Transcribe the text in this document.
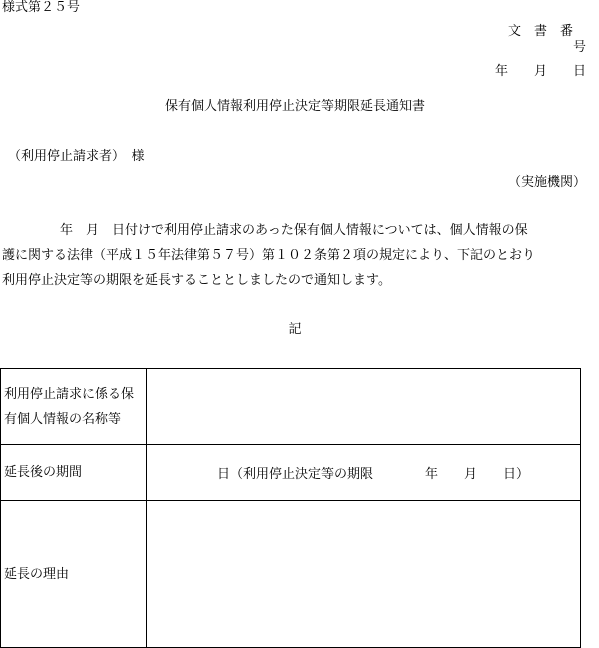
様式第２５号
文書番号
年　　月　　日
保有個人情報利用停止決定等期限延長通知書
（利用停止請求者）　様
（実施機関）

年　月　日付けで利用停止請求のあった保有個人情報については、個人情報の保

護に関する法律（平成１５年法律第５７号）第１０２条第２項の規定により、下記のとおり

利用停止決定等の期限を延長することとしましたので通知します。

記
利用停止請求に係る保有個人情報の名称等	
延長後の期間	日（利用停止決定等の期限　　　　年　　月　　日）
延長の理由	
